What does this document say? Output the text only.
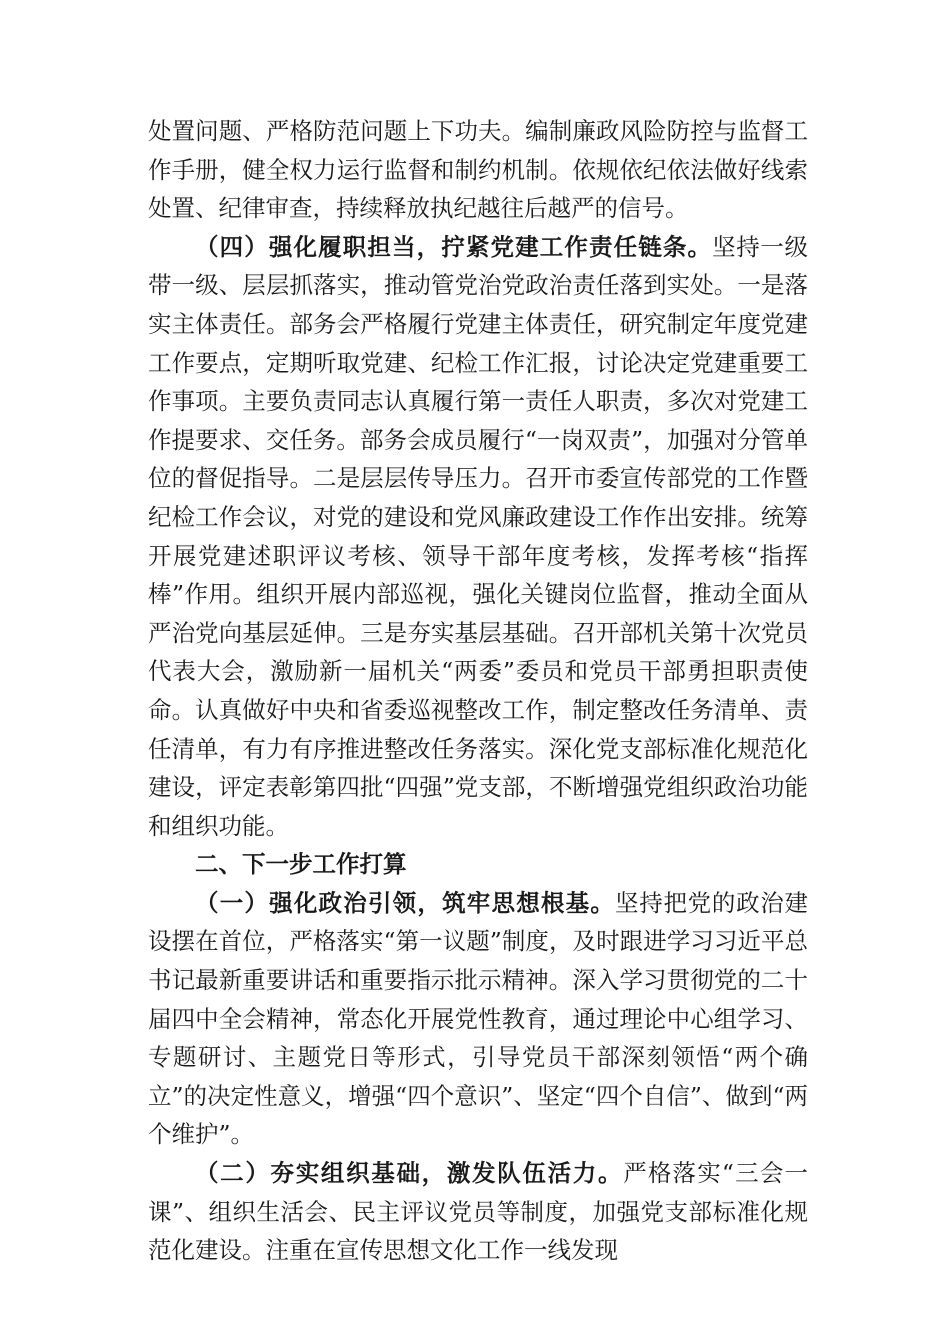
处置问题、严格防范问题上下功夫。编制廉政风险防控与监督工作手册，健全权力运行监督和制约机制。依规依纪依法做好线索处置、纪律审查，持续释放执纪越往后越严的信号。

（四）强化履职担当，拧紧党建工作责任链条。坚持一级带一级、层层抓落实，推动管党治党政治责任落到实处。一是落实主体责任。部务会严格履行党建主体责任，研究制定年度党建工作要点，定期听取党建、纪检工作汇报，讨论决定党建重要工作事项。主要负责同志认真履行第一责任人职责，多次对党建工作提要求、交任务。部务会成员履行“一岗双责”，加强对分管单位的督促指导。二是层层传导压力。召开市委宣传部党的工作暨纪检工作会议，对党的建设和党风廉政建设工作作出安排。统筹开展党建述职评议考核、领导干部年度考核，发挥考核“指挥棒”作用。组织开展内部巡视，强化关键岗位监督，推动全面从严治党向基层延伸。三是夯实基层基础。召开部机关第十次党员代表大会，激励新一届机关“两委”委员和党员干部勇担职责使命。认真做好中央和省委巡视整改工作，制定整改任务清单、责任清单，有力有序推进整改任务落实。深化党支部标准化规范化建设，评定表彰第四批“四强”党支部，不断增强党组织政治功能和组织功能。

二、下一步工作打算

（一）强化政治引领，筑牢思想根基。坚持把党的政治建设摆在首位，严格落实“第一议题”制度，及时跟进学习习近平总书记最新重要讲话和重要指示批示精神。深入学习贯彻党的二十届四中全会精神，常态化开展党性教育，通过理论中心组学习、专题研讨、主题党日等形式，引导党员干部深刻领悟“两个确立”的决定性意义，增强“四个意识”、坚定“四个自信”、做到“两个维护”。

（二）夯实组织基础，激发队伍活力。严格落实“三会一课”、组织生活会、民主评议党员等制度，加强党支部标准化规范化建设。注重在宣传思想文化工作一线发现
